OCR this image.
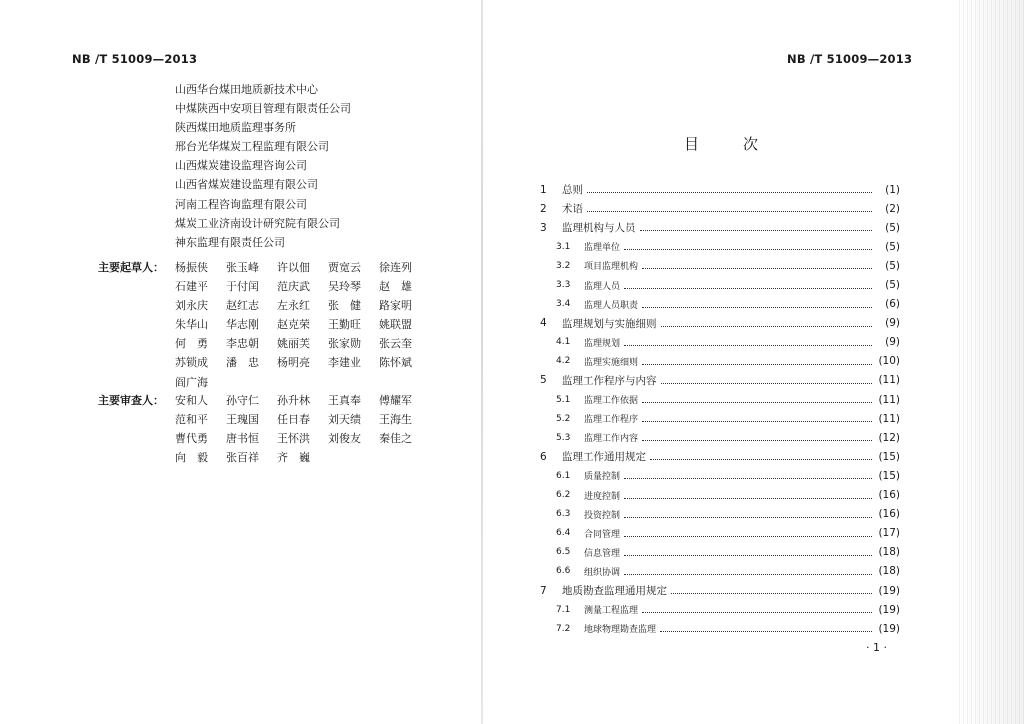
NB /T 51009—2013
山西华台煤田地质新技术中心
中煤陕西中安项目管理有限责任公司
陕西煤田地质监理事务所
邢台光华煤炭工程监理有限公司
山西煤炭建设监理咨询公司
山西省煤炭建设监理有限公司
河南工程咨询监理有限公司
煤炭工业济南设计研究院有限公司
神东监理有限责任公司
主要起草人：	杨振侠	张玉峰	许以佃	贾宽云	徐连列
石建平	于付闰	范庆武	吴玲琴	赵　雄
刘永庆	赵红志	左永红	张　健	路家明
朱华山	华志刚	赵克荣	王勤旺	姚联盟
何　勇	李忠朝	姚丽芙	张家勋	张云奎
苏锁成	潘　忠	杨明亮	李建业	陈怀斌
阎广海
主要审查人：	安和人	孙守仁	孙升林	王真奉	傅耀军
范和平	王瑰国	任日春	刘天绩	王海生
曹代勇	唐书恒	王怀洪	刘俊友	秦佳之
向　毅	张百祥	齐　巍
NB /T 51009—2013
目次
1	总则	(1)
2	术语	(2)
3	监理机构与人员	(5)
3.1	监理单位	(5)
3.2	项目监理机构	(5)
3.3	监理人员	(5)
3.4	监理人员职责	(6)
4	监理规划与实施细则	(9)
4.1	监理规划	(9)
4.2	监理实施细则	(10)
5	监理工作程序与内容	(11)
5.1	监理工作依据	(11)
5.2	监理工作程序	(11)
5.3	监理工作内容	(12)
6	监理工作通用规定	(15)
6.1	质量控制	(15)
6.2	进度控制	(16)
6.3	投资控制	(16)
6.4	合同管理	(17)
6.5	信息管理	(18)
6.6	组织协调	(18)
7	地质勘查监理通用规定	(19)
7.1	测量工程监理	(19)
7.2	地球物理勘查监理	(19)
· 1 ·
